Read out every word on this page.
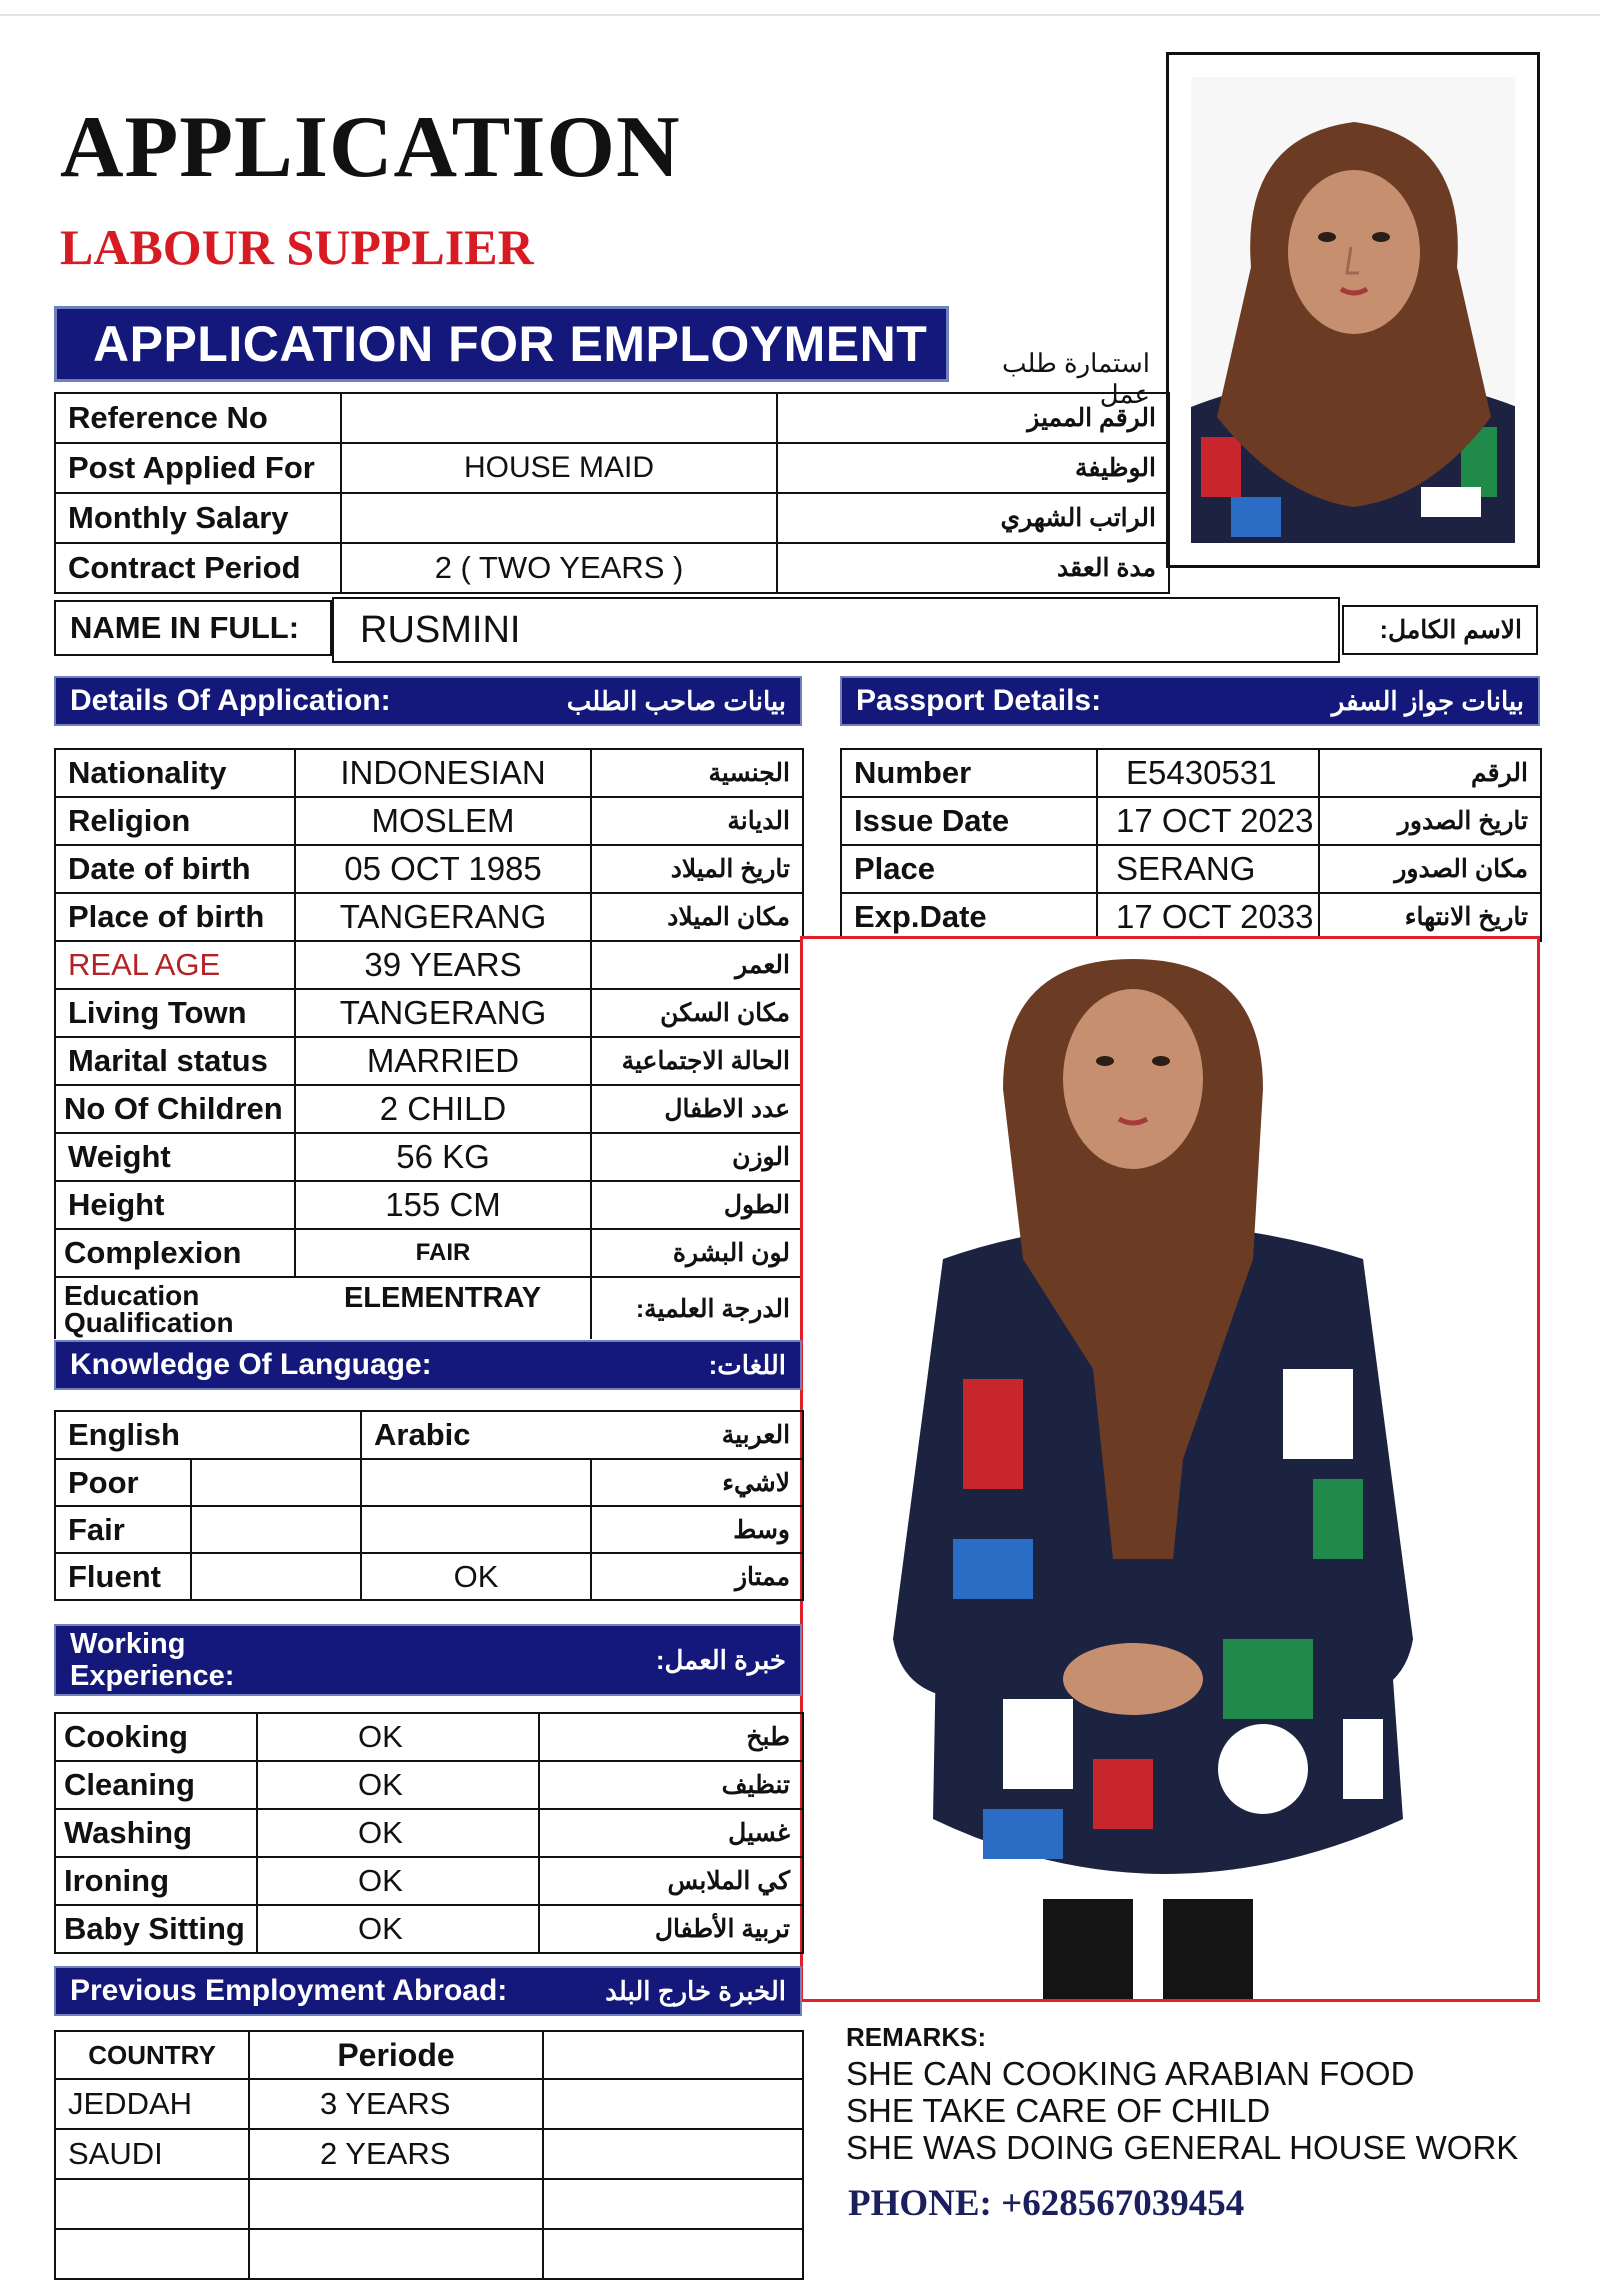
APPLICATION
LABOUR SUPPLIER
APPLICATION FOR EMPLOYMENT	استمارة طلب عمل
Reference No		الرقم المميز
Post Applied For	HOUSE MAID	الوظيفة
Monthly Salary		الراتب الشهري
Contract Period	2 ( TWO YEARS )	مدة العقد
NAME IN FULL:	RUSMINI	الاسم الكامل:
Details Of Application:	بيانات صاحب الطلب
Nationality	INDONESIAN	الجنسية
Religion	MOSLEM	الديانة
Date of birth	05 OCT 1985	تاريخ الميلاد
Place of birth	TANGERANG	مكان الميلاد
REAL AGE	39 YEARS	العمر
Living Town	TANGERANG	مكان السكن
Marital status	MARRIED	الحالة الاجتماعية
No Of Children	2 CHILD	عدد الاطفال
Weight	56 KG	الوزن
Height	155 CM	الطول
Complexion	FAIR	لون البشرة
Education Qualification	ELEMENTRAY	الدرجة العلمية:
Passport Details:	بيانات جواز السفر
Number	E5430531	الرقم
Issue Date	17 OCT 2023	تاريخ الصدور
Place	SERANG	مكان الصدور
Exp.Date	17 OCT 2033	تاريخ الانتهاء
Knowledge Of Language:	اللغات:
English		Arabic	العربية
Poor			لاشيء
Fair			وسط
Fluent		OK	ممتاز
Working Experience:
خبرة العمل:
Cooking	OK	طبخ
Cleaning	OK	تنظيف
Washing	OK	غسيل
Ironing	OK	كي الملابس
Baby Sitting	OK	تربية الأطفال
Previous Employment Abroad:	الخبرة خارج البلد
COUNTRY	Periode	
JEDDAH	3 YEARS	
SAUDI	2 YEARS	

REMARKS:
SHE CAN COOKING ARABIAN FOOD
SHE TAKE CARE OF CHILD
SHE WAS DOING GENERAL HOUSE WORK
PHONE: +628567039454
